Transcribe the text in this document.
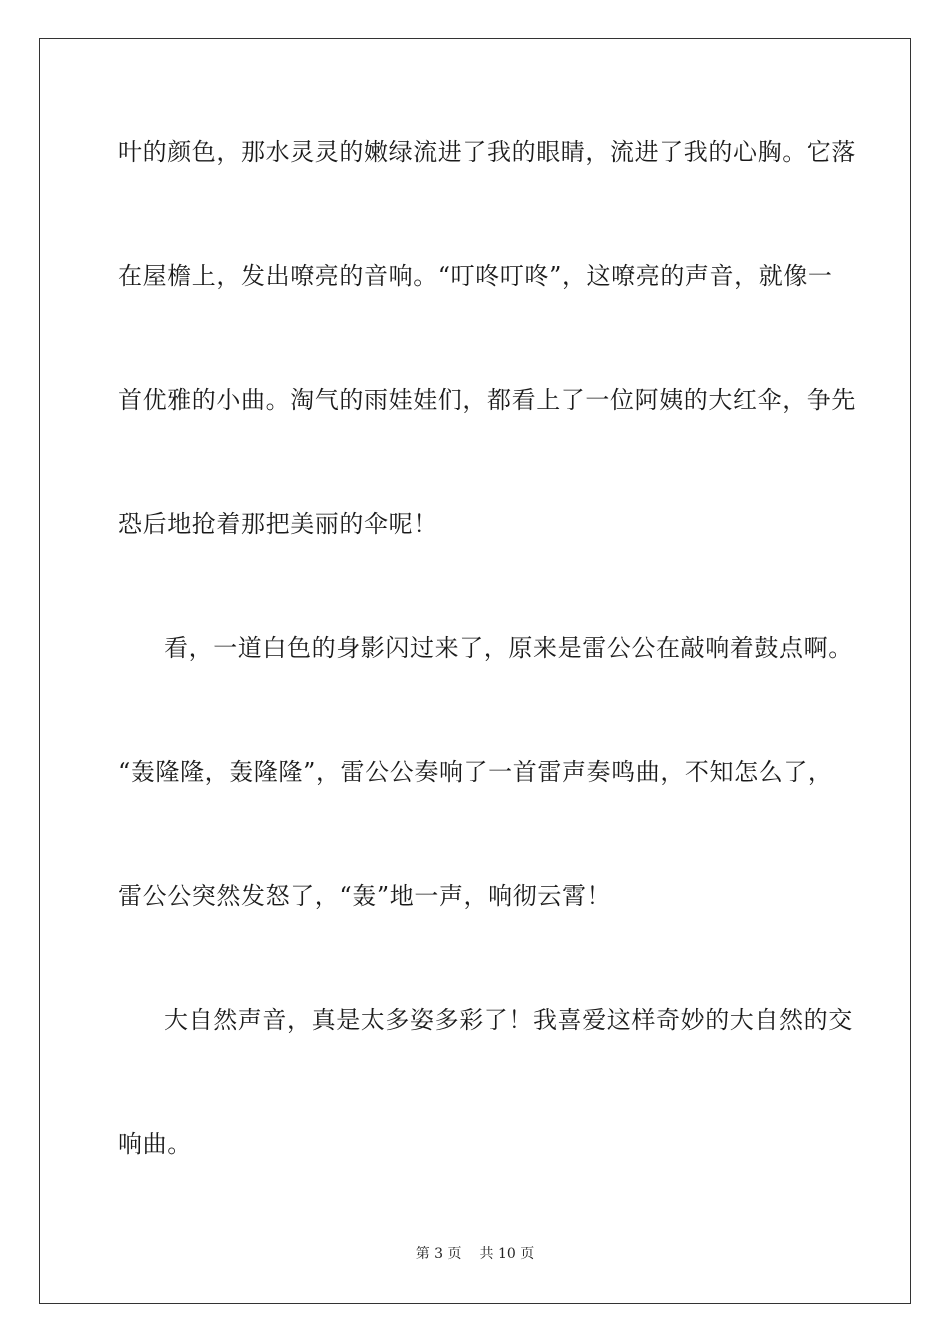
叶的颜色，那水灵灵的嫩绿流进了我的眼睛，流进了我的心胸。它落
在屋檐上，发出嘹亮的音响。“叮咚叮咚”，这嘹亮的声音，就像一
首优雅的小曲。淘气的雨娃娃们，都看上了一位阿姨的大红伞，争先
恐后地抢着那把美丽的伞呢！
看，一道白色的身影闪过来了，原来是雷公公在敲响着鼓点啊。
“轰隆隆，轰隆隆”，雷公公奏响了一首雷声奏鸣曲，不知怎么了，
雷公公突然发怒了，“轰”地一声，响彻云霄！
大自然声音，真是太多姿多彩了！我喜爱这样奇妙的大自然的交
响曲。
第 3 页 共 10 页
